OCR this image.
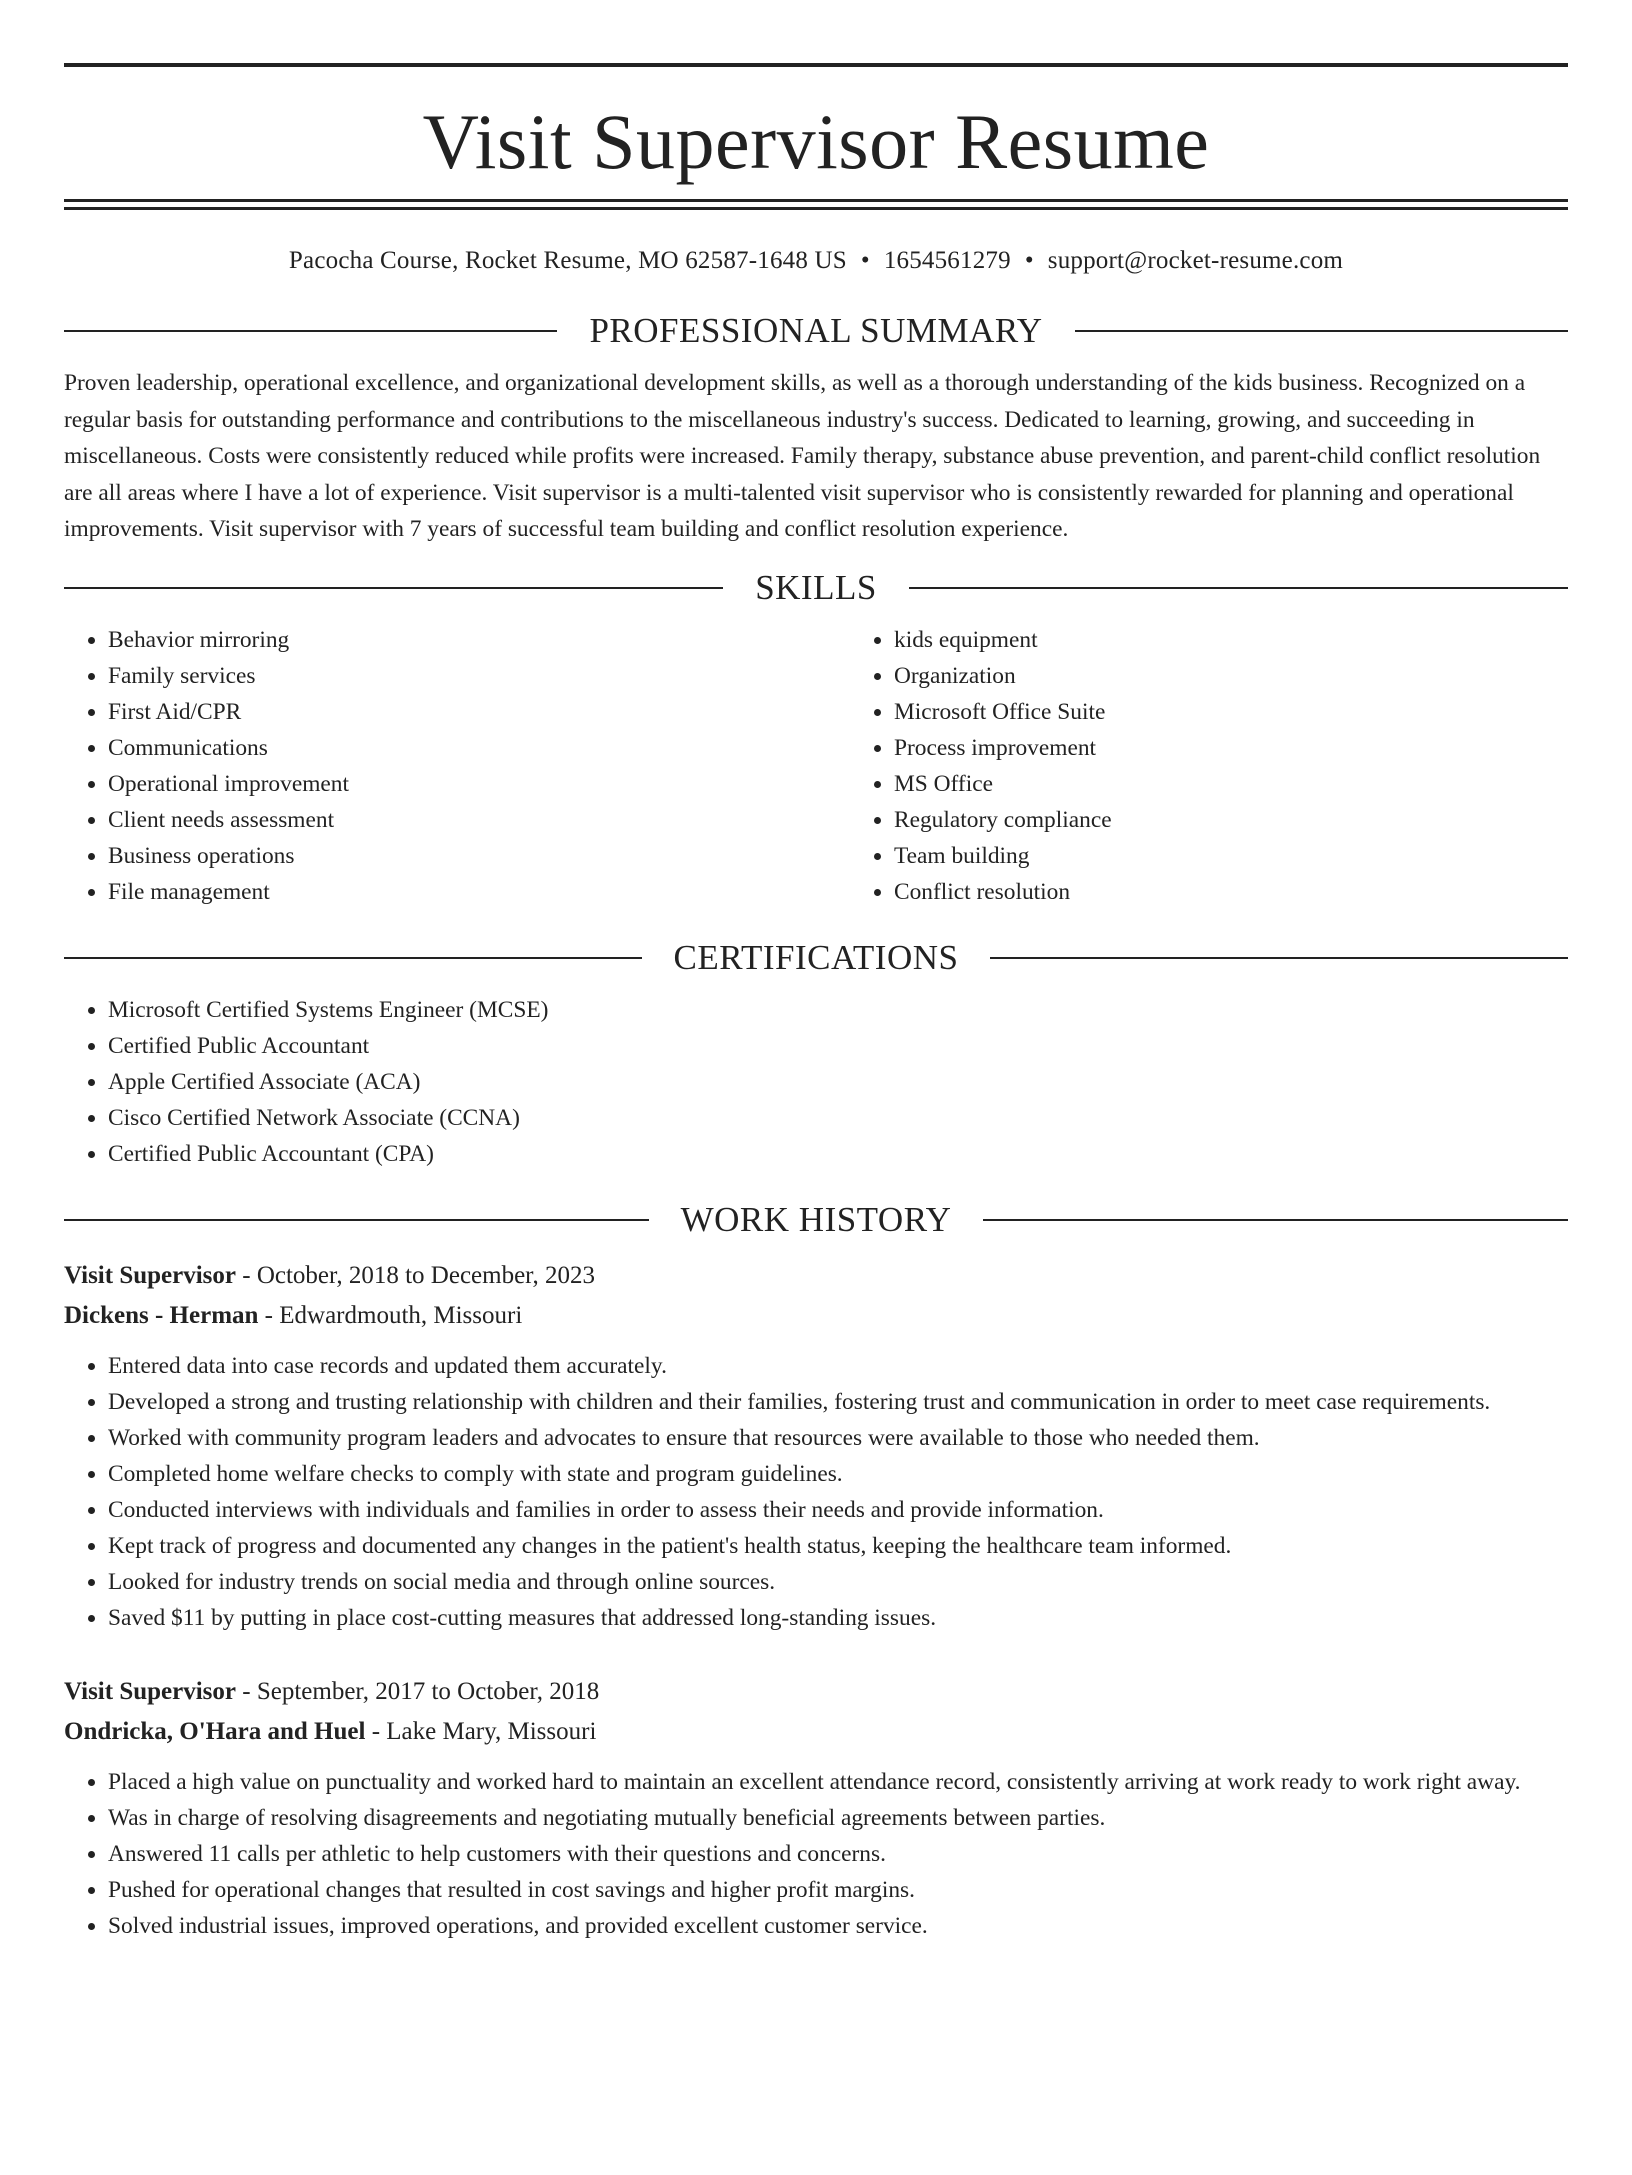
Visit Supervisor Resume
Pacocha Course, Rocket Resume, MO 62587-1648 US • 1654561279 • support@rocket-resume.com
PROFESSIONAL SUMMARY

Proven leadership, operational excellence, and organizational development skills, as well as a thorough understanding of the kids business. Recognized on a regular basis for outstanding performance and contributions to the miscellaneous industry's success. Dedicated to learning, growing, and succeeding in miscellaneous. Costs were consistently reduced while profits were increased. Family therapy, substance abuse prevention, and parent-child conflict resolution are all areas where I have a lot of experience. Visit supervisor is a multi-talented visit supervisor who is consistently rewarded for planning and operational improvements. Visit supervisor with 7 years of successful team building and conflict resolution experience.

SKILLS
• Behavior mirroring
• Family services
• First Aid/CPR
• Communications
• Operational improvement
• Client needs assessment
• Business operations
• File management
• kids equipment
• Organization
• Microsoft Office Suite
• Process improvement
• MS Office
• Regulatory compliance
• Team building
• Conflict resolution
CERTIFICATIONS
• Microsoft Certified Systems Engineer (MCSE)
• Certified Public Accountant
• Apple Certified Associate (ACA)
• Cisco Certified Network Associate (CCNA)
• Certified Public Accountant (CPA)
WORK HISTORY
Visit Supervisor - October, 2018 to December, 2023
Dickens - Herman - Edwardmouth, Missouri
• Entered data into case records and updated them accurately.
• Developed a strong and trusting relationship with children and their families, fostering trust and communication in order to meet case requirements.
• Worked with community program leaders and advocates to ensure that resources were available to those who needed them.
• Completed home welfare checks to comply with state and program guidelines.
• Conducted interviews with individuals and families in order to assess their needs and provide information.
• Kept track of progress and documented any changes in the patient's health status, keeping the healthcare team informed.
• Looked for industry trends on social media and through online sources.
• Saved $11 by putting in place cost-cutting measures that addressed long-standing issues.
Visit Supervisor - September, 2017 to October, 2018
Ondricka, O'Hara and Huel - Lake Mary, Missouri
• Placed a high value on punctuality and worked hard to maintain an excellent attendance record, consistently arriving at work ready to work right away.
• Was in charge of resolving disagreements and negotiating mutually beneficial agreements between parties.
• Answered 11 calls per athletic to help customers with their questions and concerns.
• Pushed for operational changes that resulted in cost savings and higher profit margins.
• Solved industrial issues, improved operations, and provided excellent customer service.
